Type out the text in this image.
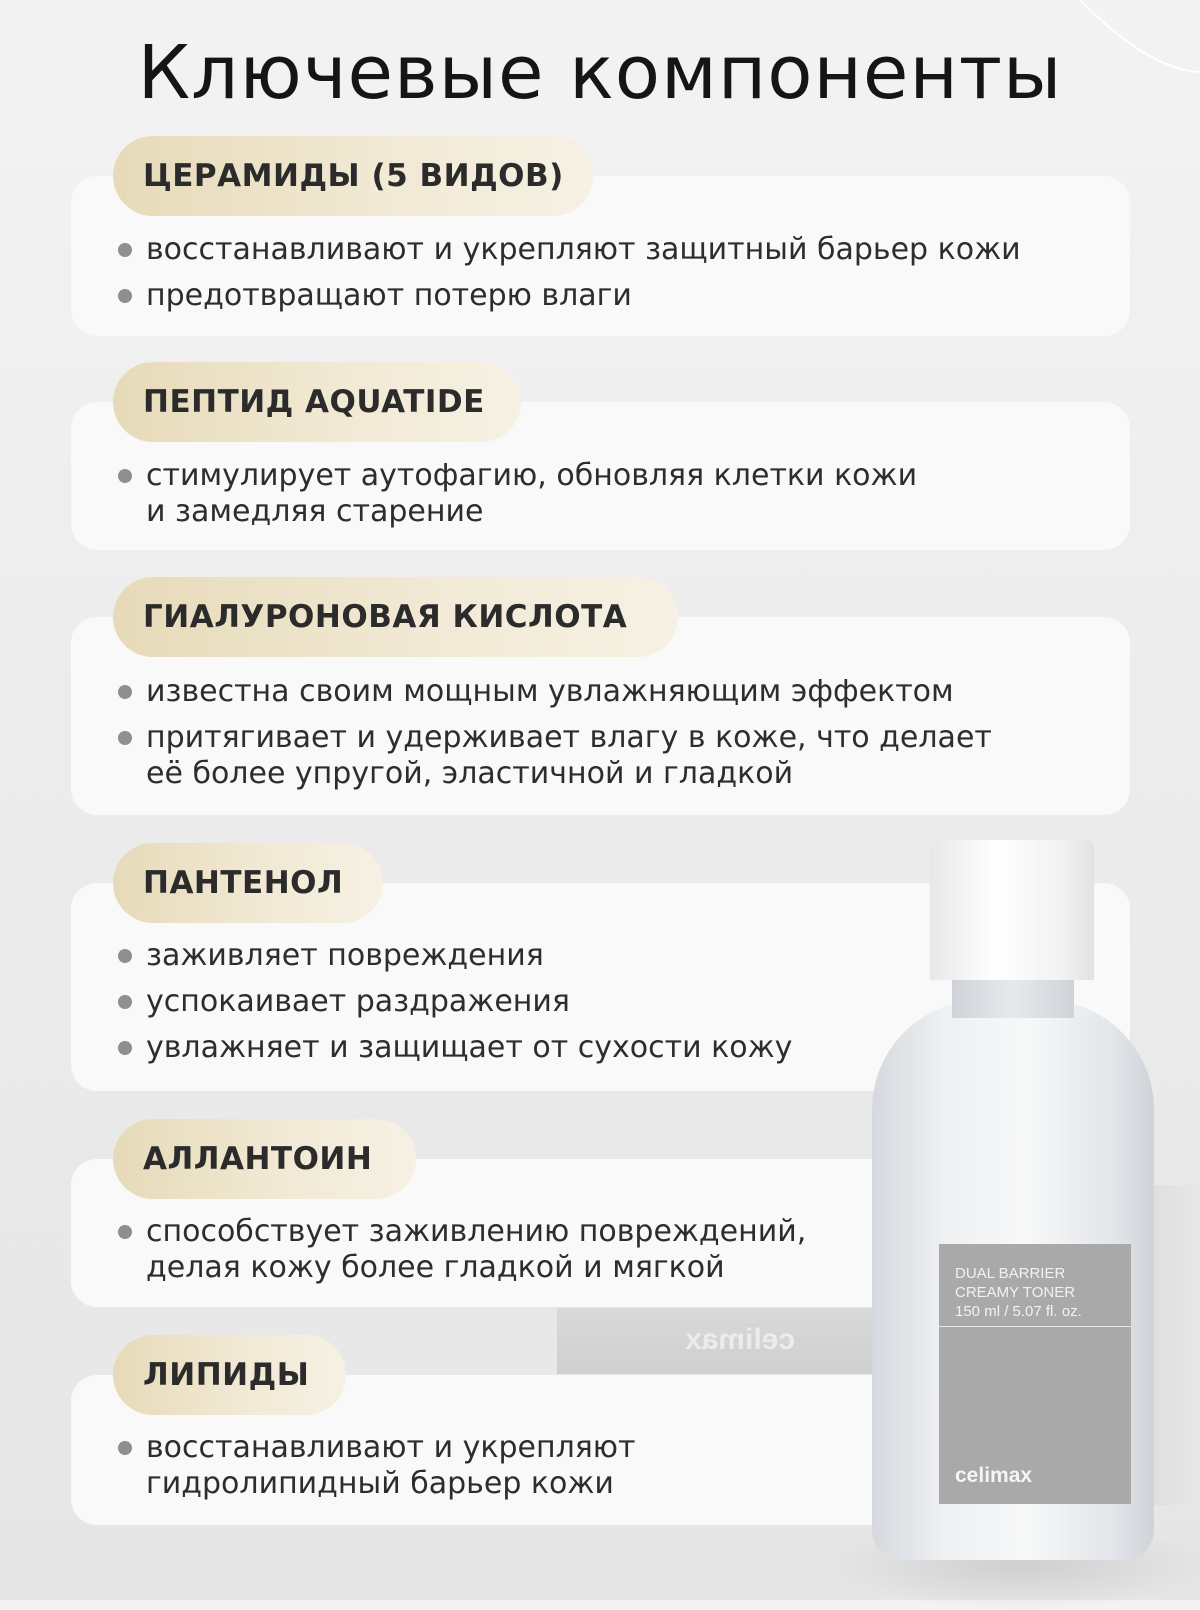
Ключевые компоненты
celimax
ЦЕРАМИДЫ (5 ВИДОВ)
восстанавливают и укрепляют защитный барьер кожи
предотвращают потерю влаги
ПЕПТИД AQUATIDE
стимулирует аутофагию, обновляя клетки кожи
и замедляя старение
ГИАЛУРОНОВАЯ КИСЛОТА
известна своим мощным увлажняющим эффектом
притягивает и удерживает влагу в коже, что делает
её более упругой, эластичной и гладкой
ПАНТЕНОЛ
заживляет повреждения
успокаивает раздражения
увлажняет и защищает от сухости кожу
АЛЛАНТОИН
способствует заживлению повреждений,
делая кожу более гладкой и мягкой
ЛИПИДЫ
восстанавливают и укрепляют
гидролипидный барьер кожи
DUAL BARRIER
CREAMY TONER
150 ml / 5.07 fl. oz.
celimax
